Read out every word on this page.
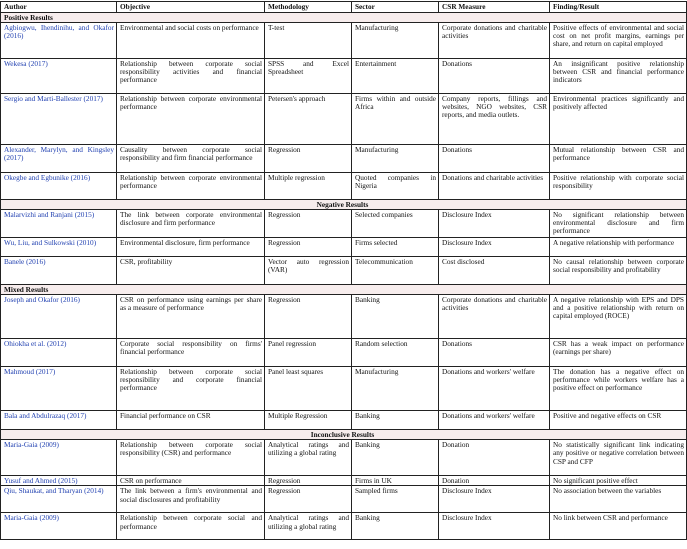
Author	Objective	Methodology	Sector	CSR Measure	Finding/Result
Positive Results					
Agbiogwu, Ihendinihu, and Okafor (2016)	Environmental and social costs on performance	T-test	Manufacturing	Corporate donations and charitable activities	Positive effects of environmental and social cost on net profit margins, earnings per share, and return on capital employed
Wekesa (2017)	Relationship between corporate social responsibility activities and financial performance	SPSS and Excel Spreadsheet	Entertainment	Donations	An insignificant positive relationship between CSR and financial performance indicators
Sergio and Marti-Ballester (2017)	Relationship between corporate environmental performance	Petersen's approach	Firms within and outside Africa	Company reports, fillings and websites, NGO websites, CSR reports, and media outlets.	Environmental practices significantly and positively affected
Alexander, Marylyn, and Kingsley (2017)	Causality between corporate social responsibility and firm financial performance	Regression	Manufacturing	Donations	Mutual relationship between CSR and performance
Okegbe and Egbunike (2016)	Relationship between corporate environmental performance	Multiple regression	Quoted companies in Nigeria	Donations and charitable activities	Positive relationship with corporate social responsibility
Negative Results					
Malarvizhi and Ranjani (2015)	The link between corporate environmental disclosure and firm performance	Regression	Selected companies	Disclosure Index	No significant relationship between environmental disclosure and firm performance
Wu, Liu, and Sulkowski (2010)	Environmental disclosure, firm performance	Regression	Firms selected	Disclosure Index	A negative relationship with performance
Banele (2016)	CSR, profitability	Vector auto regression (VAR)	Telecommunication	Cost disclosed	No causal relationship between corporate social responsibility and profitability
Mixed Results					
Joseph and Okafor (2016)	CSR on performance using earnings per share as a measure of performance	Regression	Banking	Corporate donations and charitable activities	A negative relationship with EPS and DPS and a positive relationship with return on capital employed (ROCE)
Ohiokha et al. (2012)	Corporate social responsibility on firms' financial performance	Panel regression	Random selection	Donations	CSR has a weak impact on performance (earnings per share)
Mahmoud (2017)	Relationship between corporate social responsibility and corporate financial performance	Panel least squares	Manufacturing	Donations and workers' welfare	The donation has a negative effect on performance while workers welfare has a positive effect on performance
Bala and Abdulrazaq (2017)	Financial performance on CSR	Multiple Regression	Banking	Donations and workers' welfare	Positive and negative effects on CSR
Inconclusive Results					
Maria-Gaia (2009)	Relationship between corporate social responsibility (CSR) and performance	Analytical ratings and utilizing a global rating	Banking	Donation	No statistically significant link indicating any positive or negative correlation between CSP and CFP
Yusuf and Ahmed (2015)	CSR on performance	Regression	Firms in UK	Donation	No significant positive effect
Qiu, Shaukat, and Tharyan (2014)	The link between a firm's environmental and social disclosures and profitability	Regression	Sampled firms	Disclosure Index	No association between the variables
Maria-Gaia (2009)	Relationship between corporate social and performance	Analytical ratings and utilizing a global rating	Banking	Disclosure Index	No link between CSR and performance
